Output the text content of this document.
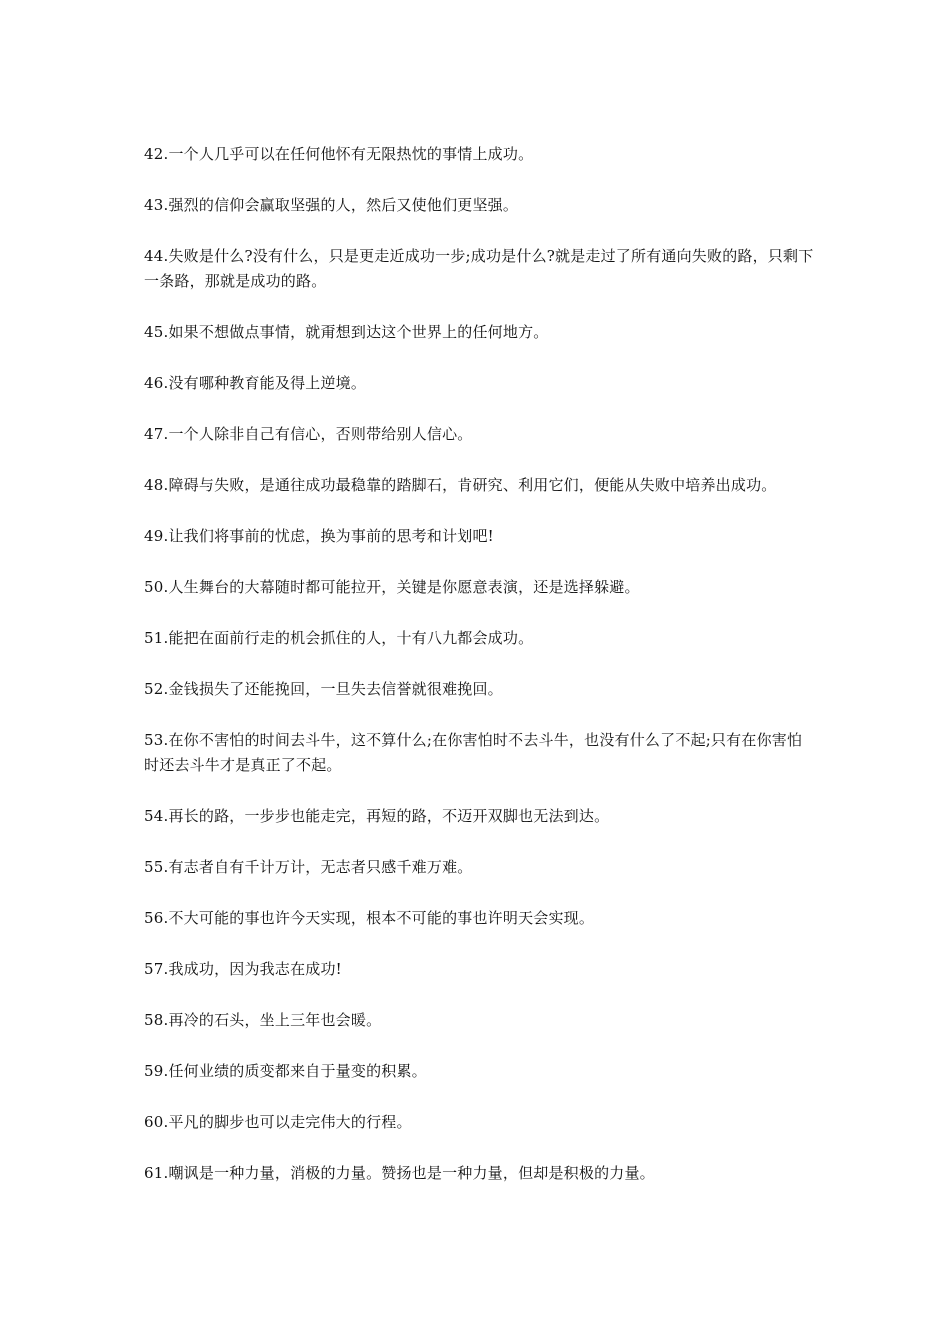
42.一个人几乎可以在任何他怀有无限热忱的事情上成功。

43.强烈的信仰会赢取坚强的人，然后又使他们更坚强。

44.失败是什么?没有什么，只是更走近成功一步;成功是什么?就是走过了所有通向失败的路，只剩下一条路，那就是成功的路。

45.如果不想做点事情，就甭想到达这个世界上的任何地方。

46.没有哪种教育能及得上逆境。

47.一个人除非自己有信心，否则带给别人信心。

48.障碍与失败，是通往成功最稳靠的踏脚石，肯研究、利用它们，便能从失败中培养出成功。

49.让我们将事前的忧虑，换为事前的思考和计划吧!

50.人生舞台的大幕随时都可能拉开，关键是你愿意表演，还是选择躲避。

51.能把在面前行走的机会抓住的人，十有八九都会成功。

52.金钱损失了还能挽回，一旦失去信誉就很难挽回。

53.在你不害怕的时间去斗牛，这不算什么;在你害怕时不去斗牛，也没有什么了不起;只有在你害怕时还去斗牛才是真正了不起。

54.再长的路，一步步也能走完，再短的路，不迈开双脚也无法到达。

55.有志者自有千计万计，无志者只感千难万难。

56.不大可能的事也许今天实现，根本不可能的事也许明天会实现。

57.我成功，因为我志在成功!

58.再冷的石头，坐上三年也会暖。

59.任何业绩的质变都来自于量变的积累。

60.平凡的脚步也可以走完伟大的行程。

61.嘲讽是一种力量，消极的力量。赞扬也是一种力量，但却是积极的力量。
